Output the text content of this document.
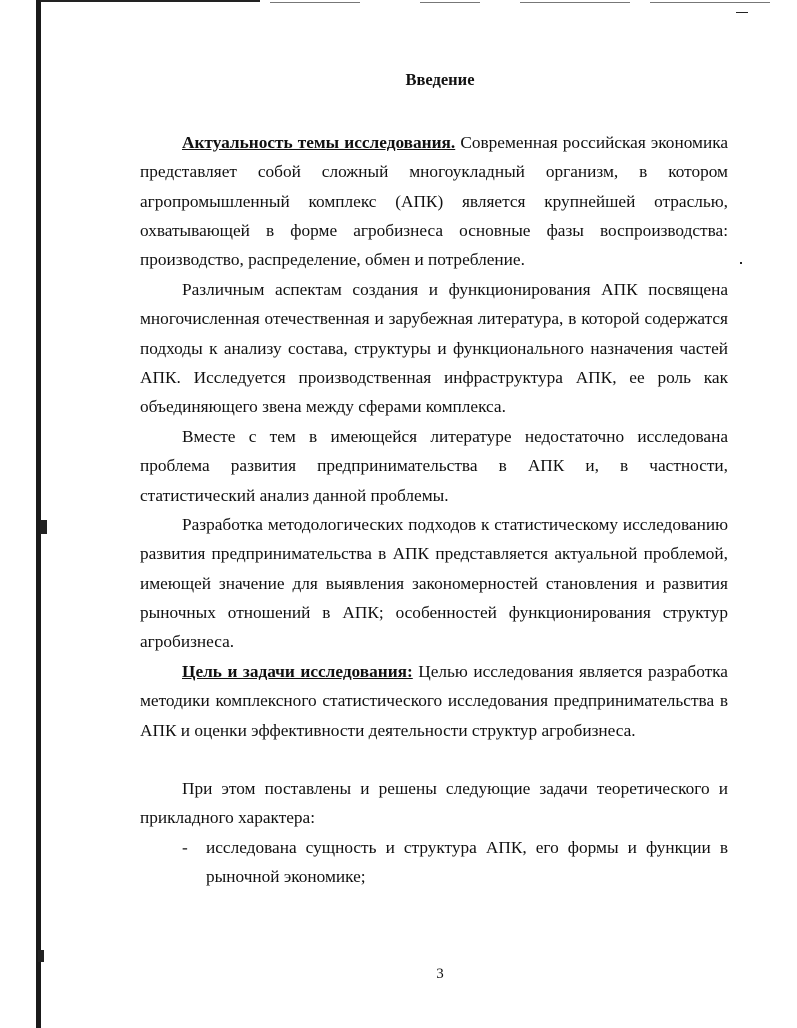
Введение

Актуальность темы исследования. Современная российская экономика представляет собой сложный многоукладный организм, в котором агропромышленный комплекс (АПК) является крупнейшей отраслью, охватывающей в форме агробизнеса основные фазы воспроизводства: производство, распределение, обмен и потребление.

Различным аспектам создания и функционирования АПК посвящена многочисленная отечественная и зарубежная литература, в которой содержатся подходы к анализу состава, структуры и функционального назначения частей АПК. Исследуется производственная инфраструктура АПК, ее роль как объединяющего звена между сферами комплекса.

Вместе с тем в имеющейся литературе недостаточно исследована проблема развития предпринимательства в АПК и, в частности, статистический анализ данной проблемы.

Разработка методологических подходов к статистическому исследованию развития предпринимательства в АПК представляется актуальной проблемой, имеющей значение для выявления закономерностей становления и развития рыночных отношений в АПК; особенностей функционирования структур агробизнеса.

Цель и задачи исследования: Целью исследования является разработка методики комплексного статистического исследования предпринимательства в АПК и оценки эффективности деятельности структур агробизнеса.

При этом поставлены и решены следующие задачи теоретического и прикладного характера:

- исследована сущность и структура АПК, его формы и функции в рыночной экономике;
3
